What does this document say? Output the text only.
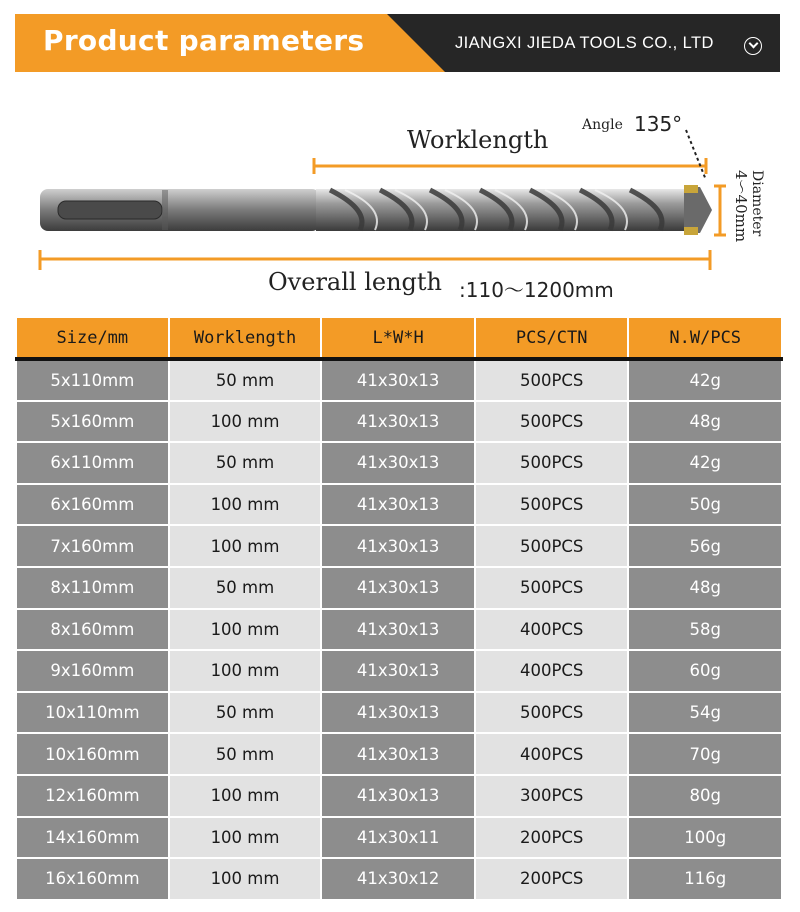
Product parameters	JIANGXI JIEDA TOOLS CO., LTD
Worklength
Angle 135°
4～40mm Diameter
Overall length :110～1200mm
Size/mm	Worklength	L*W*H	PCS/CTN	N.W/PCS
5x110mm	50 mm	41x30x13	500PCS	42g
5x160mm	100 mm	41x30x13	500PCS	48g
6x110mm	50 mm	41x30x13	500PCS	42g
6x160mm	100 mm	41x30x13	500PCS	50g
7x160mm	100 mm	41x30x13	500PCS	56g
8x110mm	50 mm	41x30x13	500PCS	48g
8x160mm	100 mm	41x30x13	400PCS	58g
9x160mm	100 mm	41x30x13	400PCS	60g
10x110mm	50 mm	41x30x13	500PCS	54g
10x160mm	50 mm	41x30x13	400PCS	70g
12x160mm	100 mm	41x30x13	300PCS	80g
14x160mm	100 mm	41x30x11	200PCS	100g
16x160mm	100 mm	41x30x12	200PCS	116g
